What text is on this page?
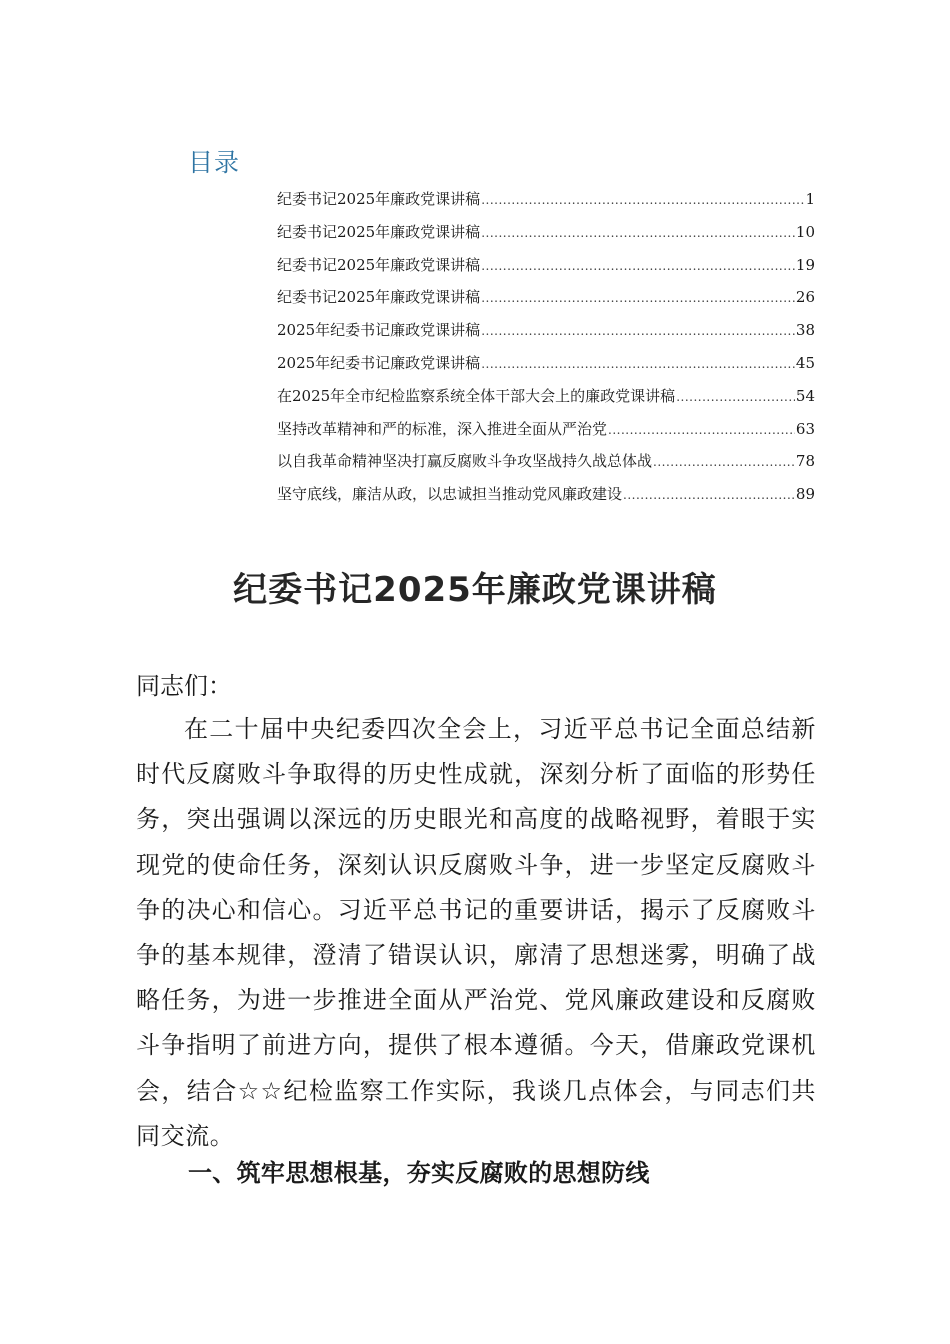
目录
纪委书记2025年廉政党课讲稿 .....	1
纪委书记2025年廉政党课讲稿 .....	10
纪委书记2025年廉政党课讲稿 .....	19
纪委书记2025年廉政党课讲稿 .....	26
2025年纪委书记廉政党课讲稿 .....	38
2025年纪委书记廉政党课讲稿 .....	45
在2025年全市纪检监察系统全体干部大会上的廉政党课讲稿 .....	54
坚持改革精神和严的标准，深入推进全面从严治党 .....	63
以自我革命精神坚决打赢反腐败斗争攻坚战持久战总体战 .....	78
坚守底线，廉洁从政，以忠诚担当推动党风廉政建设 .....	89
纪委书记2025年廉政党课讲稿
同志们：

在二十届中央纪委四次全会上，习近平总书记全面总结新时代反腐败斗争取得的历史性成就，深刻分析了面临的形势任务，突出强调以深远的历史眼光和高度的战略视野，着眼于实现党的使命任务，深刻认识反腐败斗争，进一步坚定反腐败斗争的决心和信心。习近平总书记的重要讲话，揭示了反腐败斗争的基本规律，澄清了错误认识，廓清了思想迷雾，明确了战略任务，为进一步推进全面从严治党、党风廉政建设和反腐败斗争指明了前进方向，提供了根本遵循。今天，借廉政党课机会，结合☆☆纪检监察工作实际，我谈几点体会，与同志们共同交流。

一、筑牢思想根基，夯实反腐败的思想防线
